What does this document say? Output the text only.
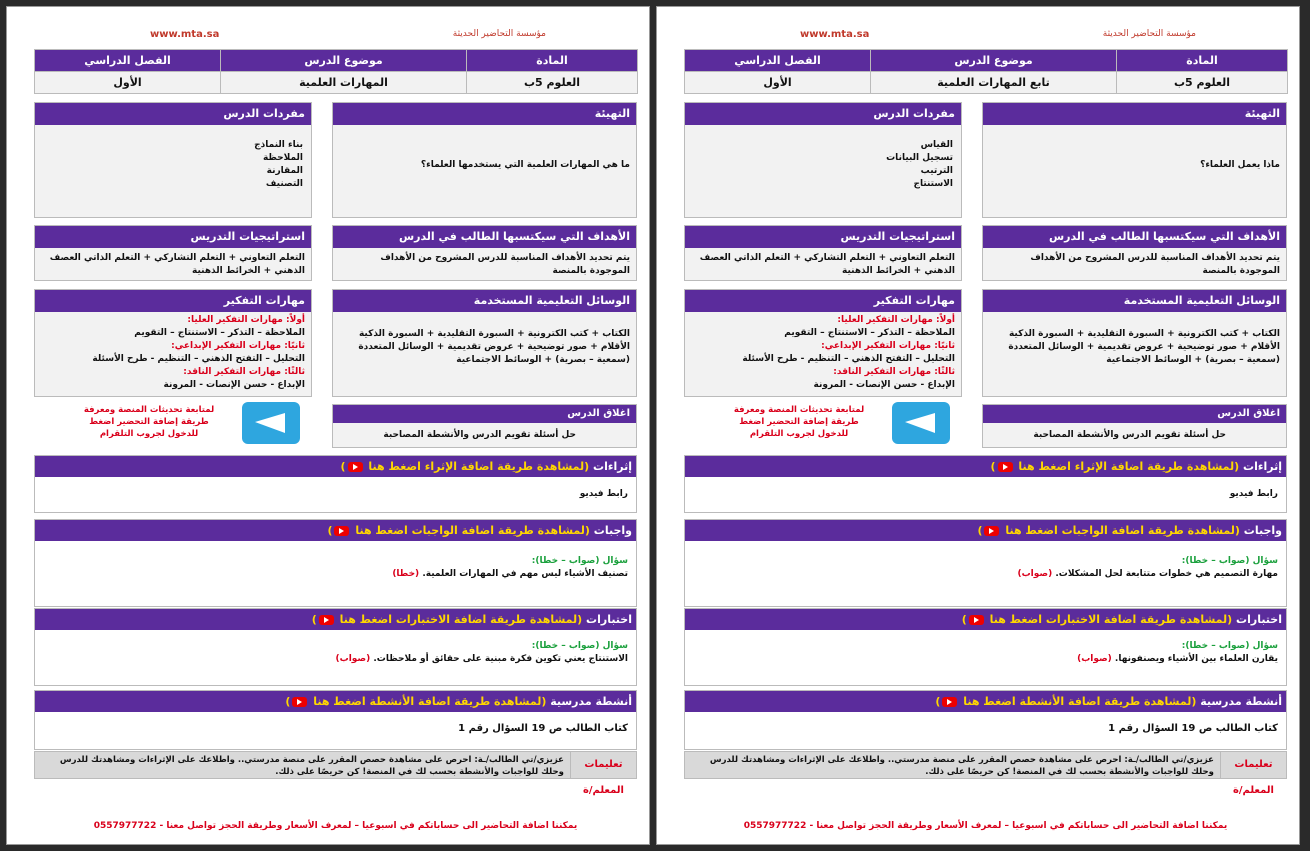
مؤسسة التحاضير الحديثة
www.mta.sa
الفصل الدراسي	موضوع الدرس	المادة
الأول	المهارات العلمية	العلوم 5ب
التهيئة
ما هي المهارات العلمية التي يستخدمها العلماء؟
مفردات الدرس
بناء النماذج
الملاحظة
المقارنة
التصنيف
الأهداف التي سيكتسبها الطالب في الدرس
يتم تحديد الأهداف المناسبة للدرس المشروح من الأهداف الموجودة بالمنصة
استراتيجيات التدريس
التعلم التعاوني + التعلم التشاركي + التعلم الذاتي العصف الذهني + الخرائط الذهنية
الوسائل التعليمية المستخدمة
الكتاب + كتب الكترونية + السبورة التقليدية + السبورة الذكية الأقلام + صور توضيحية + عروض تقديمية + الوسائل المتعددة (سمعية – بصرية) + الوسائط الاجتماعية
مهارات التفكير
أولاً: مهارات التفكير العليا:
الملاحظة – التذكر – الاستنتاج – التقويم
ثانيًا: مهارات التفكير الإبداعي:
التحليل – التفتح الذهني – التنظيم - طرح الأسئلة
ثالثًا: مهارات التفكير الناقد:
الإبداع - حسن الإنصات - المرونة
اغلاق الدرس
حل أسئلة تقويم الدرس والأنشطة المصاحبة
لمتابعة تحديثات المنصة ومعرفة طريقة إضافة التحضير اضغط للدخول لجروب التلقرام
إثراءات (لمشاهدة طريقة اضافة الإثراء اضغط هنا )
رابط فيديو
واجبات (لمشاهدة طريقة اضافة الواجبات اضغط هنا )
سؤال (صواب – خطا):
تصنيف الأشياء ليس مهم في المهارات العلمية. (خطا)
اختبارات (لمشاهدة طريقة اضافة الاختبارات اضغط هنا )
سؤال (صواب – خطا):
الاستنتاج يعني تكوين فكرة مبنية على حقائق أو ملاحظات. (صواب)
أنشطة مدرسية (لمشاهدة طريقة اضافة الأنشطة اضغط هنا )
كتاب الطالب ص 19 السؤال رقم 1
تعليمات المعلم/ة
عزيزي/تي الطالب/ـة: احرص على مشاهدة حصص المقرر على منصة مدرستي.. واطلاعك على الإثراءات ومشاهدتك للدرس وحلك للواجبات والأنشطة بحسب لك في المنصة! كن حريصًا على ذلك.
يمكننا اضافة التحاضير الى حساباتكم في اسبوعيا – لمعرف الأسعار وطريقة الحجز تواصل معنا - 0557977722
مؤسسة التحاضير الحديثة
www.mta.sa
الفصل الدراسي	موضوع الدرس	المادة
الأول	تابع المهارات العلمية	العلوم 5ب
التهيئة
ماذا يعمل العلماء؟
مفردات الدرس
القياس
تسجيل البيانات
الترتيب
الاستنتاج
الأهداف التي سيكتسبها الطالب في الدرس
يتم تحديد الأهداف المناسبة للدرس المشروح من الأهداف الموجودة بالمنصة
استراتيجيات التدريس
التعلم التعاوني + التعلم التشاركي + التعلم الذاتي العصف الذهني + الخرائط الذهنية
الوسائل التعليمية المستخدمة
الكتاب + كتب الكترونية + السبورة التقليدية + السبورة الذكية الأقلام + صور توضيحية + عروض تقديمية + الوسائل المتعددة (سمعية – بصرية) + الوسائط الاجتماعية
مهارات التفكير
أولاً: مهارات التفكير العليا:
الملاحظة – التذكر – الاستنتاج – التقويم
ثانيًا: مهارات التفكير الإبداعي:
التحليل – التفتح الذهني – التنظيم - طرح الأسئلة
ثالثًا: مهارات التفكير الناقد:
الإبداع - حسن الإنصات - المرونة
اغلاق الدرس
حل أسئلة تقويم الدرس والأنشطة المصاحبة
لمتابعة تحديثات المنصة ومعرفة طريقة إضافة التحضير اضغط للدخول لجروب التلقرام
إثراءات (لمشاهدة طريقة اضافة الإثراء اضغط هنا )
رابط فيديو
واجبات (لمشاهدة طريقة اضافة الواجبات اضغط هنا )
سؤال (صواب – خطا):
مهارة التصميم هي خطوات متتابعة لحل المشكلات. (صواب)
اختبارات (لمشاهدة طريقة اضافة الاختبارات اضغط هنا )
سؤال (صواب – خطا):
يقارن العلماء بين الأشياء ويصنفونها. (صواب)
أنشطة مدرسية (لمشاهدة طريقة اضافة الأنشطة اضغط هنا )
كتاب الطالب ص 19 السؤال رقم 1
تعليمات المعلم/ة
عزيزي/تي الطالب/ـة: احرص على مشاهدة حصص المقرر على منصة مدرستي.. واطلاعك على الإثراءات ومشاهدتك للدرس وحلك للواجبات والأنشطة بحسب لك في المنصة! كن حريصًا على ذلك.
يمكننا اضافة التحاضير الى حساباتكم في اسبوعيا – لمعرف الأسعار وطريقة الحجز تواصل معنا - 0557977722
